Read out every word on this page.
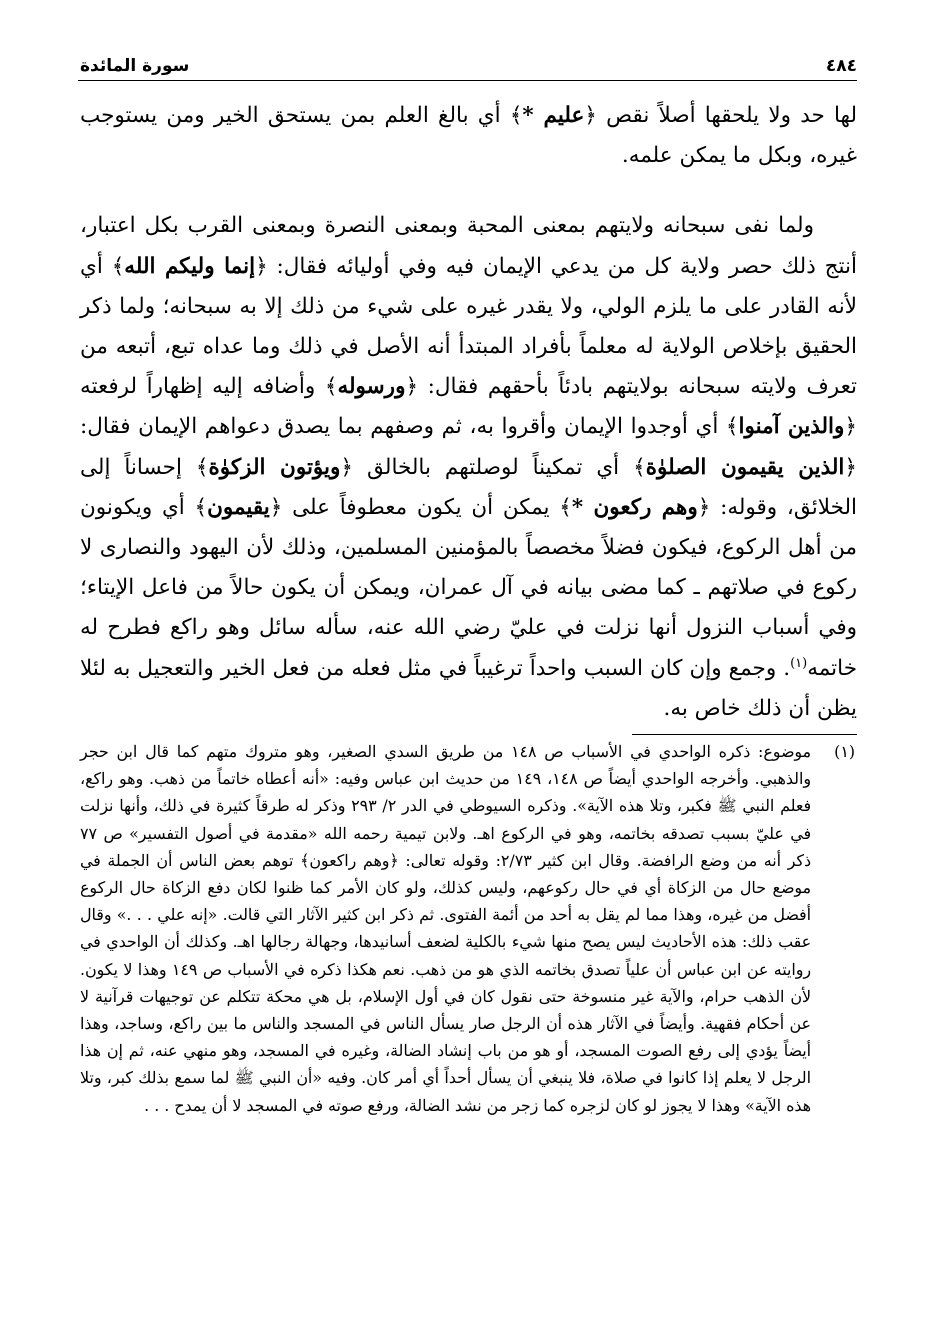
٤٨٤
سورة المائدة

لها حد ولا يلحقها أصلاً نقص ﴿عليم *﴾ أي بالغ العلم بمن يستحق الخير ومن يستوجب غيره، وبكل ما يمكن علمه.

  ولما نفى سبحانه ولايتهم بمعنى المحبة وبمعنى النصرة وبمعنى القرب بكل اعتبار، أنتج ذلك حصر ولاية كل من يدعي الإيمان فيه وفي أوليائه فقال: ﴿إنما وليكم الله﴾ أي لأنه القادر على ما يلزم الولي، ولا يقدر غيره على شيء من ذلك إلا به سبحانه؛ ولما ذكر الحقيق بإخلاص الولاية له معلماً بأفراد المبتدأ أنه الأصل في ذلك وما عداه تبع، أتبعه من تعرف ولايته سبحانه بولايتهم بادئاً بأحقهم فقال: ﴿ورسوله﴾ وأضافه إليه إظهاراً لرفعته ﴿والذين آمنوا﴾ أي أوجدوا الإيمان وأقروا به، ثم وصفهم بما يصدق دعواهم الإيمان فقال: ﴿الذين يقيمون الصلوٰة﴾ أي تمكيناً لوصلتهم بالخالق ﴿ويؤتون الزكوٰة﴾ إحساناً إلى الخلائق، وقوله: ﴿وهم ركعون *﴾ يمكن أن يكون معطوفاً على ﴿يقيمون﴾ أي ويكونون من أهل الركوع، فيكون فضلاً مخصصاً بالمؤمنين المسلمين، وذلك لأن اليهود والنصارى لا ركوع في صلاتهم ـ كما مضى بيانه في آل عمران، ويمكن أن يكون حالاً من فاعل الإيتاء؛ وفي أسباب النزول أنها نزلت في عليّ رضي الله عنه، سأله سائل وهو راكع فطرح له خاتمه$^{(١)}$. وجمع وإن كان السبب واحداً ترغيباً في مثل فعله من فعل الخير والتعجيل به لئلا يظن أن ذلك خاص به.

(١)
موضوع: ذكره الواحدي في الأسباب ص ١٤٨ من طريق السدي الصغير، وهو متروك متهم كما قال ابن حجر والذهبي. وأخرجه الواحدي أيضاً ص ١٤٨، ١٤٩ من حديث ابن عباس وفيه: «أنه أعطاه خاتماً من ذهب. وهو راكع، فعلم النبي ﷺ فكبر، وتلا هذه الآية». وذكره السيوطي في الدر ٢/ ٢٩٣ وذكر له طرقاً كثيرة في ذلك، وأنها نزلت في عليّ بسبب تصدقه بخاتمه، وهو في الركوع اهـ. ولابن تيمية رحمه الله «مقدمة في أصول التفسير» ص ٧٧ ذكر أنه من وضع الرافضة. وقال ابن كثير ٢/٧٣: وقوله تعالى: ﴿وهم راكعون﴾ توهم بعض الناس أن الجملة في موضع حال من الزكاة أي في حال ركوعهم، وليس كذلك، ولو كان الأمر كما ظنوا لكان دفع الزكاة حال الركوع أفضل من غيره، وهذا مما لم يقل به أحد من أئمة الفتوى. ثم ذكر ابن كثير الآثار التي قالت. «إنه علي . . .» وقال عقب ذلك: هذه الأحاديث ليس يصح منها شيء بالكلية لضعف أسانيدها، وجهالة رجالها اهـ. وكذلك أن الواحدي في روايته عن ابن عباس أن علياً تصدق بخاتمه الذي هو من ذهب. نعم هكذا ذكره في الأسباب ص ١٤٩ وهذا لا يكون. لأن الذهب حرام، والآية غير منسوخة حتى نقول كان في أول الإسلام، بل هي محكة تتكلم عن توجيهات قرآنية لا عن أحكام فقهية. وأيضاً في الآثار هذه أن الرجل صار يسأل الناس في المسجد والناس ما بين راكع، وساجد، وهذا أيضاً يؤدي إلى رفع الصوت المسجد، أو هو من باب إنشاد الضالة، وغيره في المسجد، وهو منهي عنه، ثم إن هذا الرجل لا يعلم إذا كانوا في صلاة، فلا ينبغي أن يسأل أحداً أي أمر كان. وفيه «أن النبي ﷺ لما سمع بذلك كبر، وتلا هذه الآية» وهذا لا يجوز لو كان لزجره كما زجر من نشد الضالة، ورفع صوته في المسجد لا أن يمدح . . .
